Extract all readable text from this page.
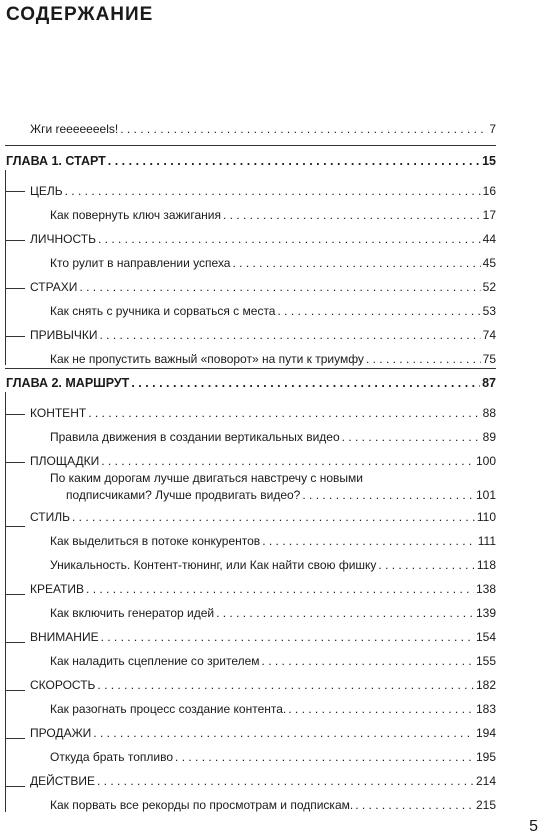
СОДЕРЖАНИЕ
Жги reeeeeeels! . . .	7
ГЛАВА 1. СТАРТ . . .	15
ЦЕЛЬ . . .	16
Как повернуть ключ зажигания . . .	17
ЛИЧНОСТЬ . . .	44
Кто рулит в направлении успеха . . .	45
СТРАХИ . . .	52
Как снять с ручника и сорваться с места . . .	53
ПРИВЫЧКИ . . .	74
Как не пропустить важный «поворот» на пути к триумфу . . .	75
ГЛАВА 2. МАРШРУТ . . .	87
КОНТЕНТ . . .	88
Правила движения в создании вертикальных видео . . .	89
ПЛОЩАДКИ . . .	100
По каким дорогам лучше двигаться навстречу с новыми
подписчиками? Лучше продвигать видео? . . .	101
СТИЛЬ . . .	110
Как выделиться в потоке конкурентов . . .	111
Уникальность. Контент-тюнинг, или Как найти свою фишку . . .	118
КРЕАТИВ . . .	138
Как включить генератор идей . . .	139
ВНИМАНИЕ . . .	154
Как наладить сцепление со зрителем . . .	155
СКОРОСТЬ . . .	182
Как разогнать процесс создание контента. . . .	183
ПРОДАЖИ . . .	194
Откуда брать топливо . . .	195
ДЕЙСТВИЕ . . .	214
Как порвать все рекорды по просмотрам и подпискам. . . .	215
5
